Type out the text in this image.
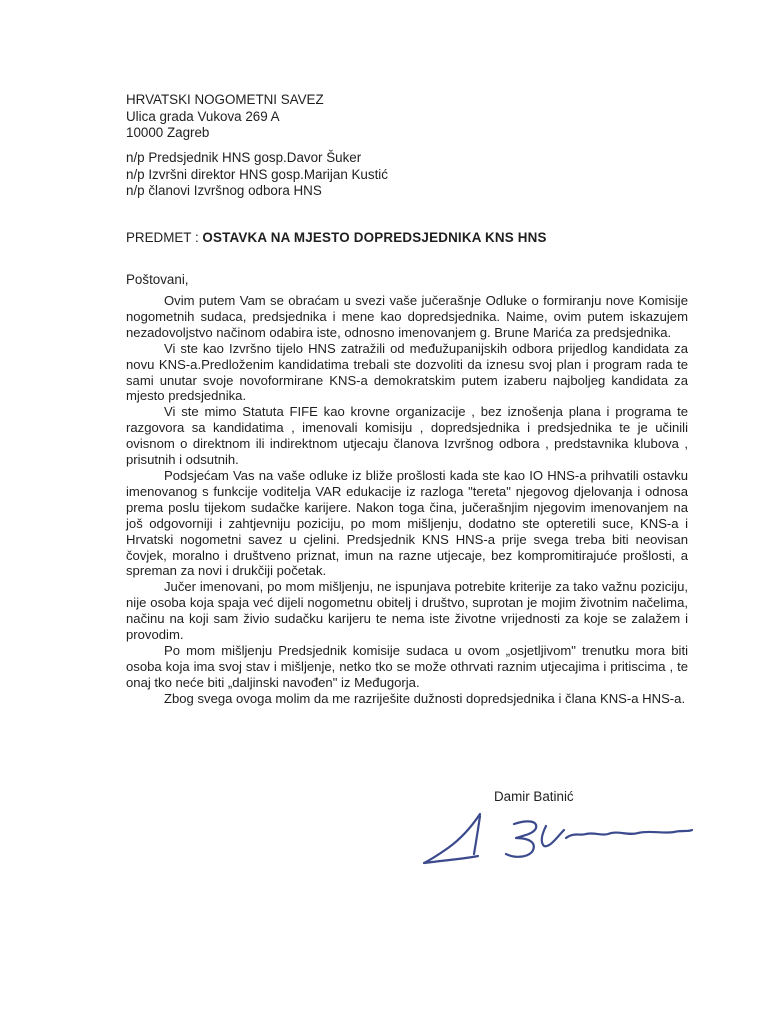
HRVATSKI NOGOMETNI SAVEZ
Ulica grada Vukova 269 A
10000 Zagreb
n/p Predsjednik HNS gosp.Davor Šuker
n/p Izvršni direktor HNS gosp.Marijan Kustić
n/p članovi Izvršnog odbora HNS
PREDMET : OSTAVKA NA MJESTO DOPREDSJEDNIKA KNS HNS
Poštovani,

Ovim putem Vam se obraćam u svezi vaše jučerašnje Odluke o formiranju nove Komisije nogometnih sudaca, predsjednika i mene kao dopredsjednika. Naime, ovim putem iskazujem nezadovoljstvo načinom odabira iste, odnosno imenovanjem g. Brune Marića za predsjednika.

Vi ste kao Izvršno tijelo HNS zatražili od međužupanijskih odbora prijedlog kandidata za novu KNS-a.Predloženim kandidatima trebali ste dozvoliti da iznesu svoj plan i program rada te sami unutar svoje novoformirane KNS-a demokratskim putem izaberu najboljeg kandidata za mjesto predsjednika.

Vi ste mimo Statuta FIFE kao krovne organizacije , bez iznošenja plana i programa te razgovora sa kandidatima , imenovali komisiju , dopredsjednika i predsjednika te je učinili ovisnom o direktnom ili indirektnom utjecaju članova Izvršnog odbora , predstavnika klubova , prisutnih i odsutnih.

Podsjećam Vas na vaše odluke iz bliže prošlosti kada ste kao IO HNS-a prihvatili ostavku imenovanog s funkcije voditelja VAR edukacije iz razloga "tereta" njegovog djelovanja i odnosa prema poslu tijekom sudačke karijere. Nakon toga čina, jučerašnjim njegovim imenovanjem na još odgovorniji i zahtjevniju poziciju, po mom mišljenju, dodatno ste opteretili suce, KNS-a i Hrvatski nogometni savez u cjelini. Predsjednik KNS HNS-a prije svega treba biti neovisan čovjek, moralno i društveno priznat, imun na razne utjecaje, bez kompromitirajuće prošlosti, a spreman za novi i drukčiji početak.

Jučer imenovani, po mom mišljenju, ne ispunjava potrebite kriterije za tako važnu poziciju, nije osoba koja spaja već dijeli nogometnu obitelj i društvo, suprotan je mojim životnim načelima, načinu na koji sam živio sudačku karijeru te nema iste životne vrijednosti za koje se zalažem i provodim.

Po mom mišljenju Predsjednik komisije sudaca u ovom „osjetljivom" trenutku mora biti osoba koja ima svoj stav i mišljenje, netko tko se može othrvati raznim utjecajima i pritiscima , te onaj tko neće biti „daljinski navođen" iz Međugorja.

Zbog svega ovoga molim da me razriješite dužnosti dopredsjednika i člana KNS-a HNS-a.

Damir Batinić
